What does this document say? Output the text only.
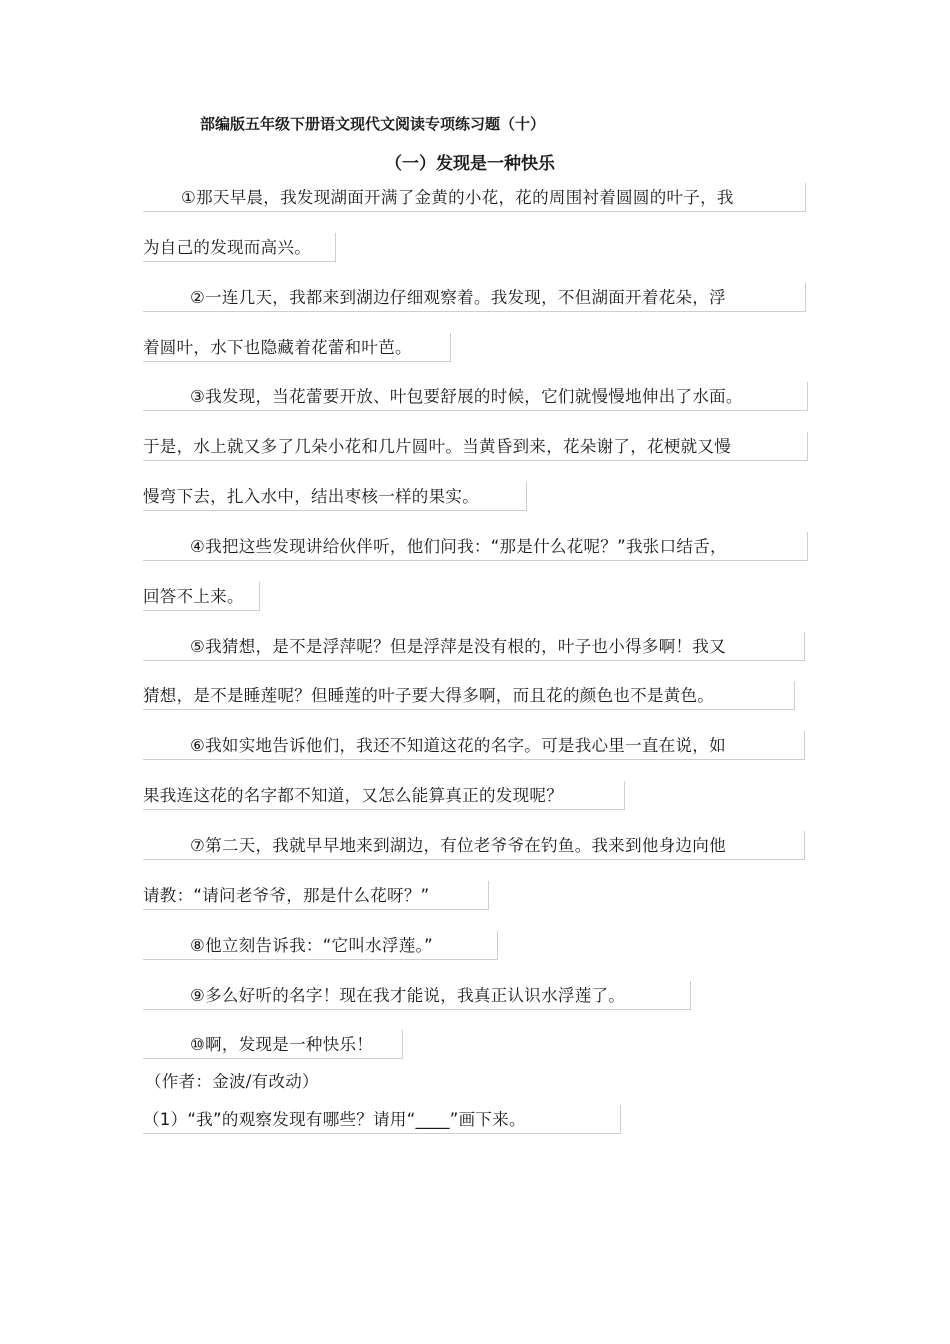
部编版五年级下册语文现代文阅读专项练习题（十）
（一）发现是一种快乐
①那天早晨，我发现湖面开满了金黄的小花，花的周围衬着圆圆的叶子，我
为自己的发现而高兴。
②一连几天，我都来到湖边仔细观察着。我发现，不但湖面开着花朵，浮
着圆叶，水下也隐藏着花蕾和叶芭。
③我发现，当花蕾要开放、叶包要舒展的时候，它们就慢慢地伸出了水面。
于是，水上就又多了几朵小花和几片圆叶。当黄昏到来，花朵谢了，花梗就又慢
慢弯下去，扎入水中，结出枣核一样的果实。
④我把这些发现讲给伙伴听，他们问我：“那是什么花呢？”我张口结舌，
回答不上来。
⑤我猜想，是不是浮萍呢？但是浮萍是没有根的，叶子也小得多啊！我又
猜想，是不是睡莲呢？但睡莲的叶子要大得多啊，而且花的颜色也不是黄色。
⑥我如实地告诉他们，我还不知道这花的名字。可是我心里一直在说，如
果我连这花的名字都不知道，又怎么能算真正的发现呢？
⑦第二天，我就早早地来到湖边，有位老爷爷在钓鱼。我来到他身边向他
请教：“请问老爷爷，那是什么花呀？”
⑧他立刻告诉我：“它叫水浮莲。”
⑨多么好听的名字！现在我才能说，我真正认识水浮莲了。
⑩啊，发现是一种快乐！
（作者：金波/有改动）
（1）“我”的观察发现有哪些？请用“____”画下来。
